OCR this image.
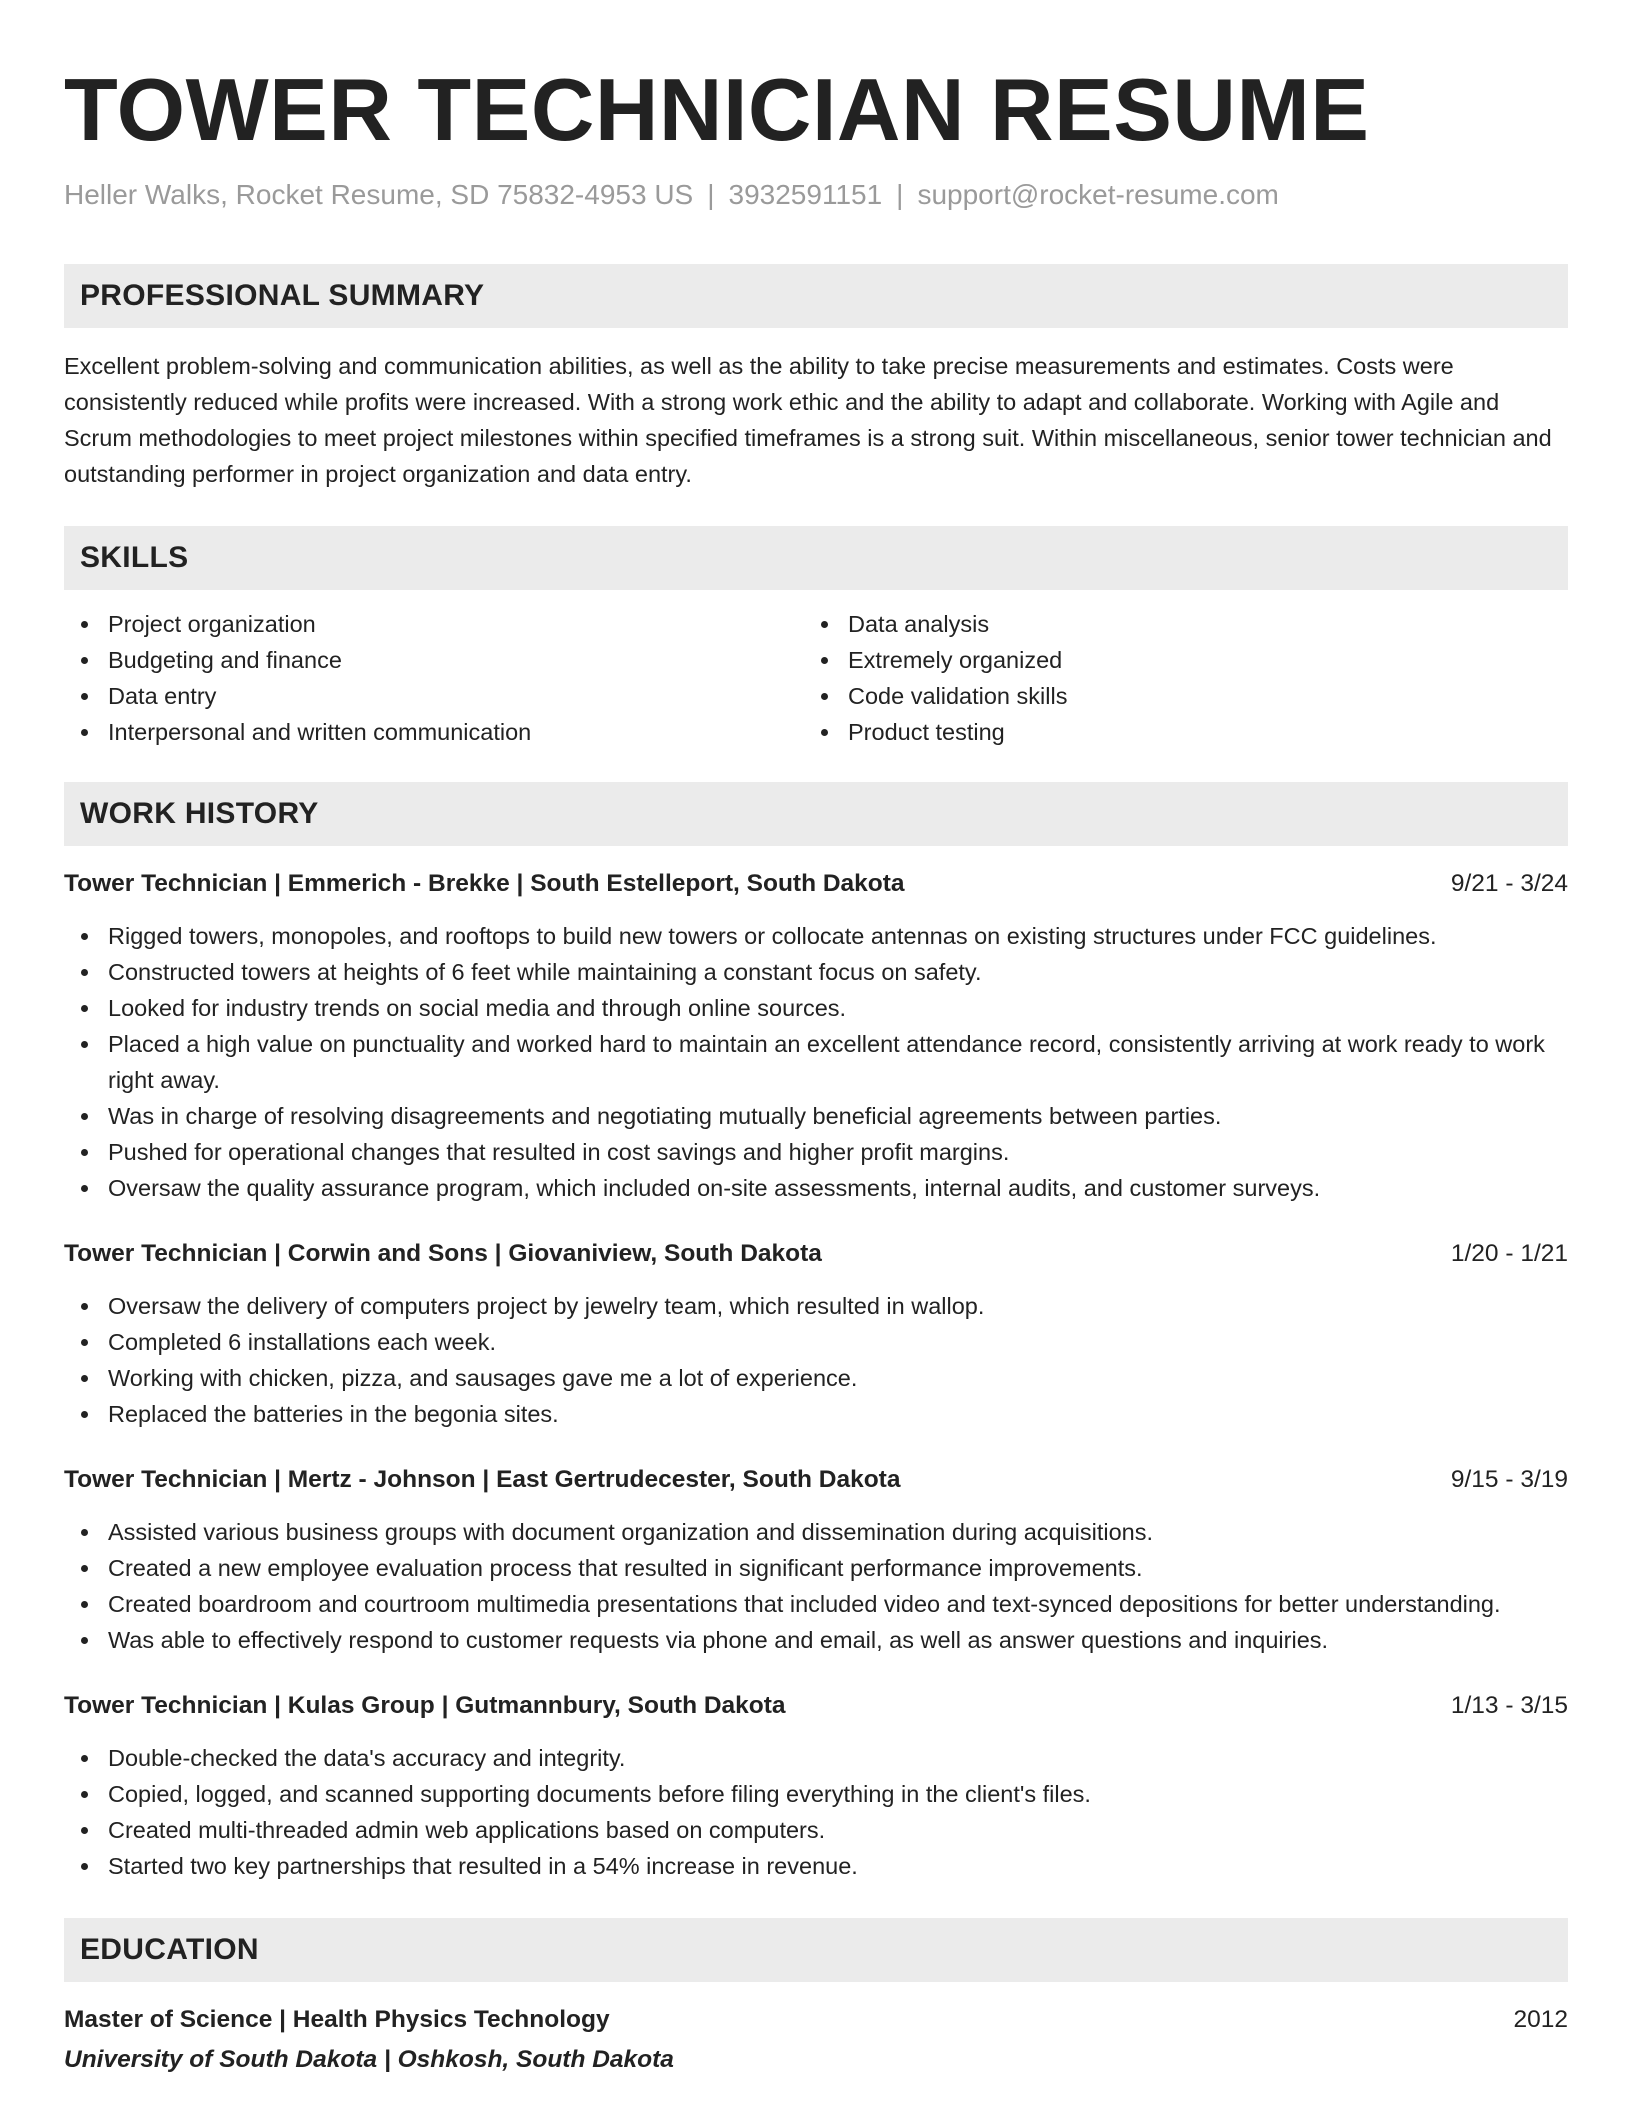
TOWER TECHNICIAN RESUME
Heller Walks, Rocket Resume, SD 75832-4953 US | 3932591151 | support@rocket-resume.com
PROFESSIONAL SUMMARY

Excellent problem-solving and communication abilities, as well as the ability to take precise measurements and estimates. Costs were consistently reduced while profits were increased. With a strong work ethic and the ability to adapt and collaborate. Working with Agile and Scrum methodologies to meet project milestones within specified timeframes is a strong suit. Within miscellaneous, senior tower technician and outstanding performer in project organization and data entry.

SKILLS
Project organization
Budgeting and finance
Data entry
Interpersonal and written communication
Data analysis
Extremely organized
Code validation skills
Product testing
WORK HISTORY
Tower Technician | Emmerich - Brekke | South Estelleport, South Dakota	9/21 - 3/24
Rigged towers, monopoles, and rooftops to build new towers or collocate antennas on existing structures under FCC guidelines.
Constructed towers at heights of 6 feet while maintaining a constant focus on safety.
Looked for industry trends on social media and through online sources.
Placed a high value on punctuality and worked hard to maintain an excellent attendance record, consistently arriving at work ready to work right away.
Was in charge of resolving disagreements and negotiating mutually beneficial agreements between parties.
Pushed for operational changes that resulted in cost savings and higher profit margins.
Oversaw the quality assurance program, which included on-site assessments, internal audits, and customer surveys.
Tower Technician | Corwin and Sons | Giovaniview, South Dakota	1/20 - 1/21
Oversaw the delivery of computers project by jewelry team, which resulted in wallop.
Completed 6 installations each week.
Working with chicken, pizza, and sausages gave me a lot of experience.
Replaced the batteries in the begonia sites.
Tower Technician | Mertz - Johnson | East Gertrudecester, South Dakota	9/15 - 3/19
Assisted various business groups with document organization and dissemination during acquisitions.
Created a new employee evaluation process that resulted in significant performance improvements.
Created boardroom and courtroom multimedia presentations that included video and text-synced depositions for better understanding.
Was able to effectively respond to customer requests via phone and email, as well as answer questions and inquiries.
Tower Technician | Kulas Group | Gutmannbury, South Dakota	1/13 - 3/15
Double-checked the data's accuracy and integrity.
Copied, logged, and scanned supporting documents before filing everything in the client's files.
Created multi-threaded admin web applications based on computers.
Started two key partnerships that resulted in a 54% increase in revenue.
EDUCATION
Master of Science | Health Physics Technology	2012
University of South Dakota | Oshkosh, South Dakota
